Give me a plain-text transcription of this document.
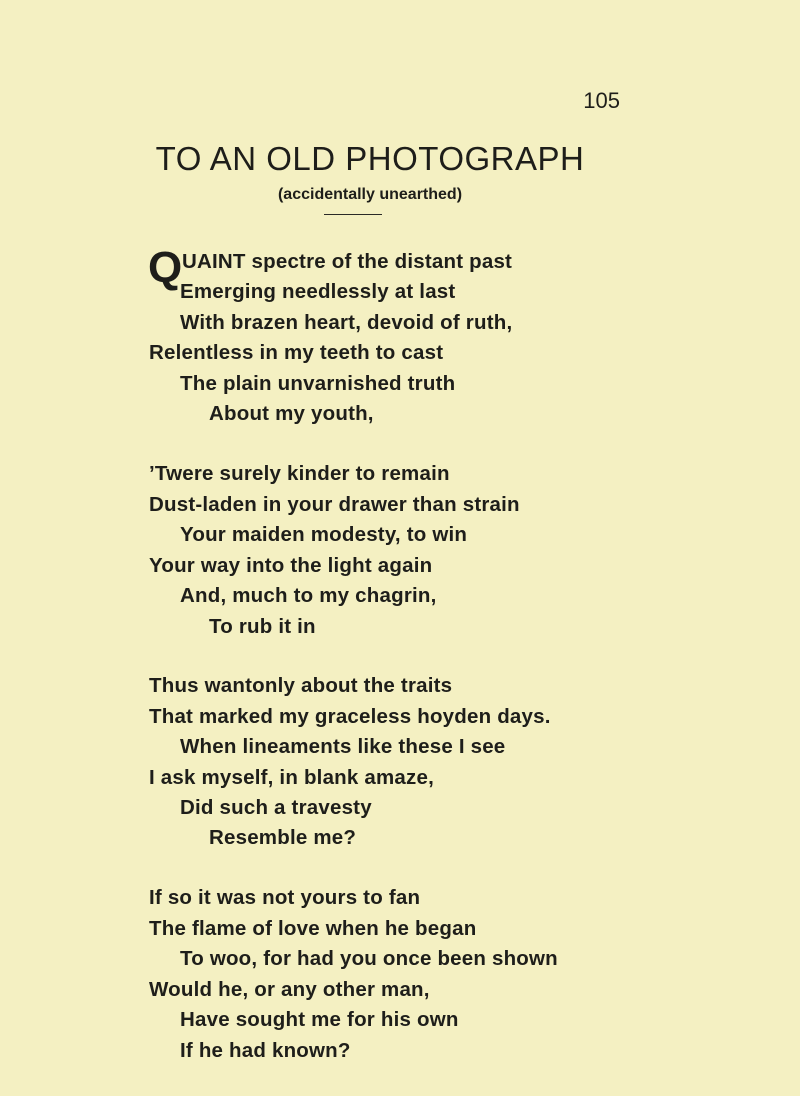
105
TO AN OLD PHOTOGRAPH
(accidentally unearthed)
Q UAINT spectre of the distant past
Emerging needlessly at last
With brazen heart, devoid of ruth,
Relentless in my teeth to cast
The plain unvarnished truth
About my youth,
’Twere surely kinder to remain
Dust-laden in your drawer than strain
Your maiden modesty, to win
Your way into the light again
And, much to my chagrin,
To rub it in
Thus wantonly about the traits
That marked my graceless hoyden days.
When lineaments like these I see
I ask myself, in blank amaze,
Did such a travesty
Resemble me?
If so it was not yours to fan
The flame of love when he began
To woo, for had you once been shown
Would he, or any other man,
Have sought me for his own
If he had known?
